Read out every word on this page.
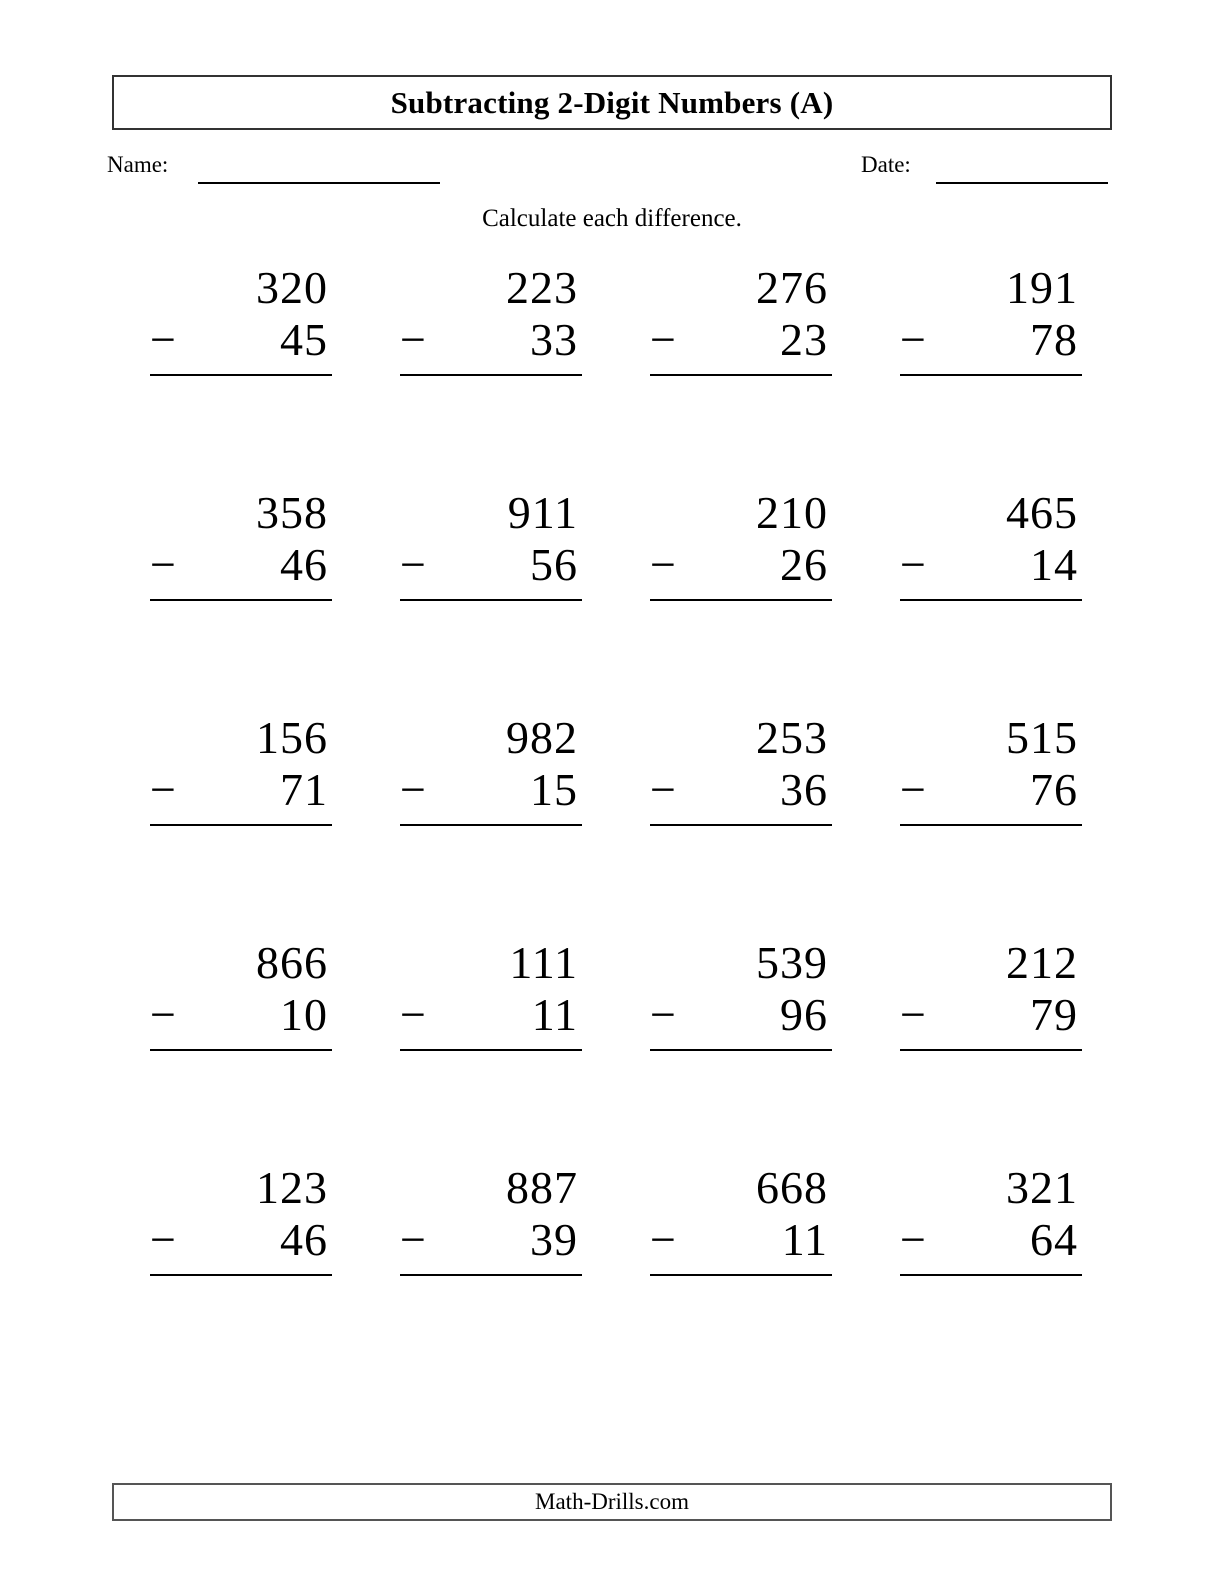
Subtracting 2-Digit Numbers (A)
Name:	Date:
Calculate each difference.
320
45
−
223
33
−
276
23
−
191
78
−
358
46
−
911
56
−
210
26
−
465
14
−
156
71
−
982
15
−
253
36
−
515
76
−
866
10
−
111
11
−
539
96
−
212
79
−
123
46
−
887
39
−
668
11
−
321
64
−
Math-Drills.com
